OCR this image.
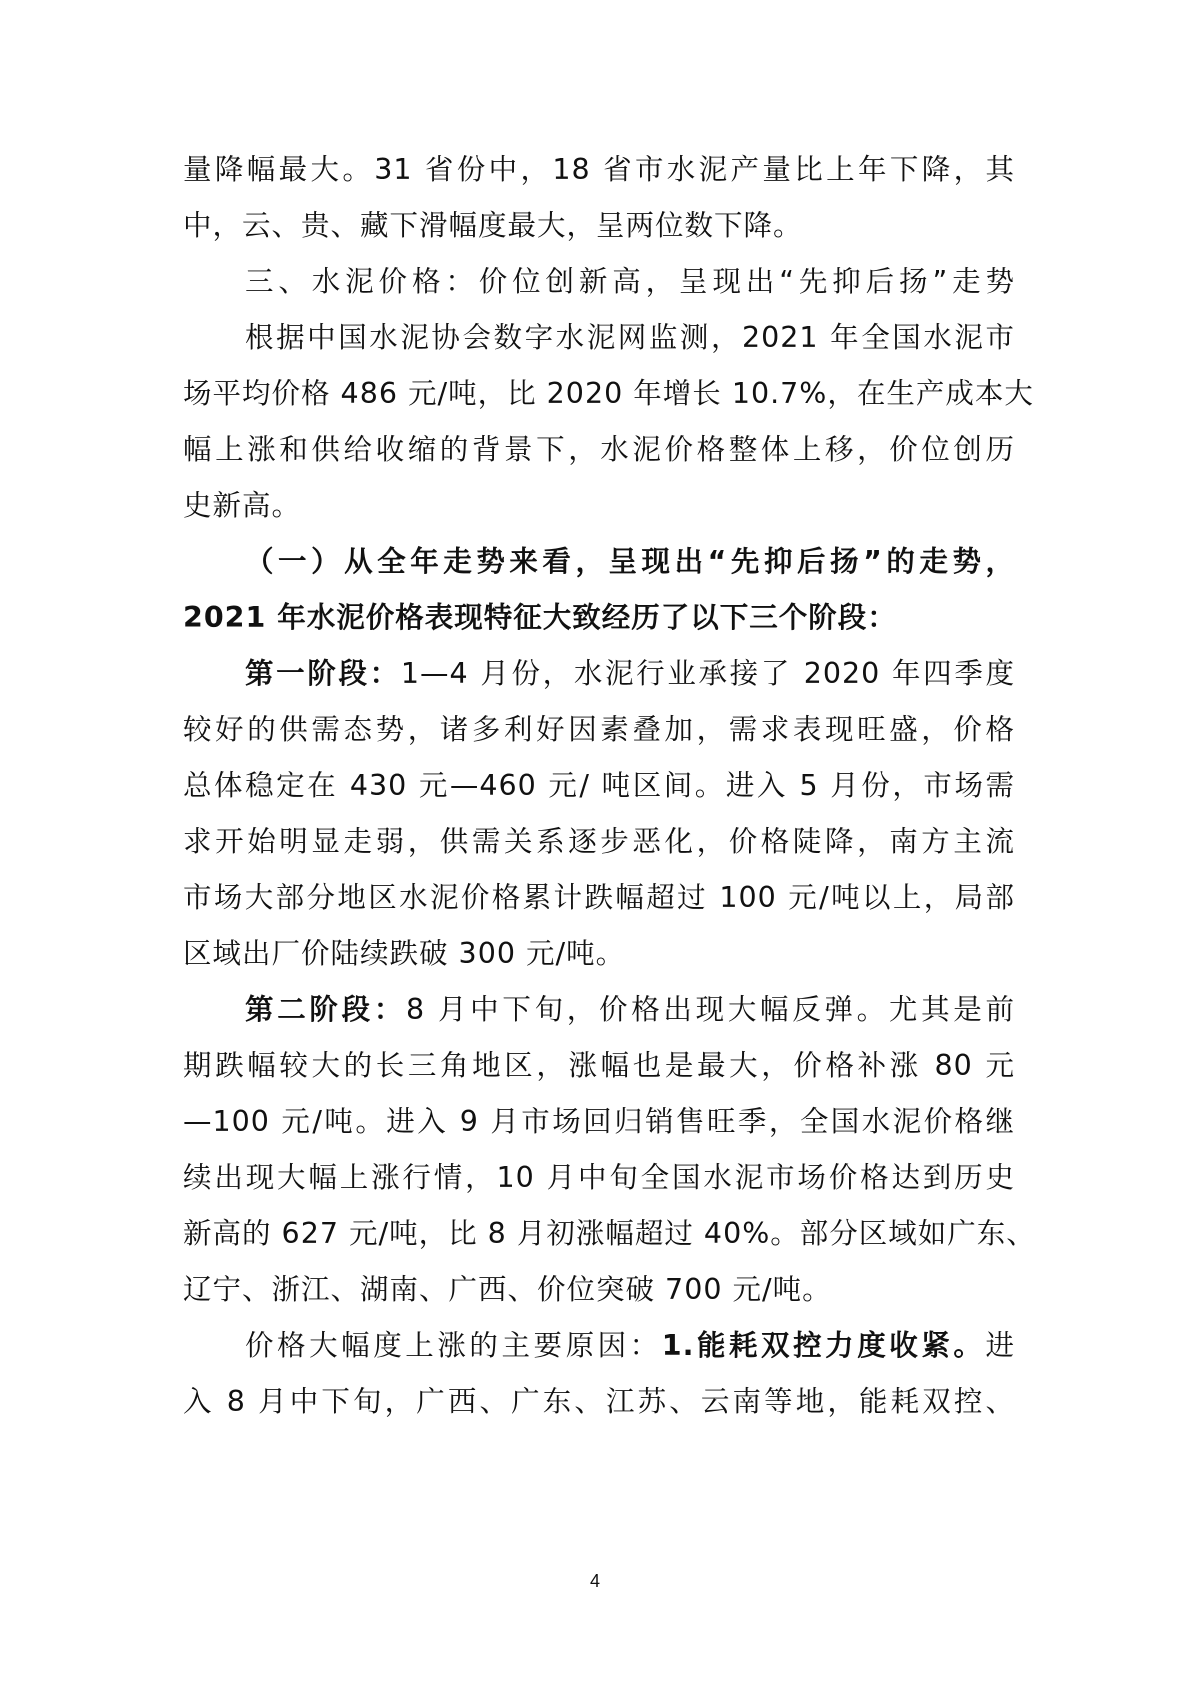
量降幅最大。31 省份中，18 省市水泥产量比上年下降，其
中，云、贵、藏下滑幅度最大，呈两位数下降。
三、水泥价格：价位创新高，呈现出“先抑后扬”走势
根据中国水泥协会数字水泥网监测，2021 年全国水泥市
场平均价格 486 元/吨，比 2020 年增长 10.7%，在生产成本大
幅上涨和供给收缩的背景下，水泥价格整体上移，价位创历
史新高。
（一）从全年走势来看，呈现出“先抑后扬”的走势，
2021 年水泥价格表现特征大致经历了以下三个阶段：
第一阶段：1—4 月份，水泥行业承接了 2020 年四季度
较好的供需态势，诸多利好因素叠加，需求表现旺盛，价格
总体稳定在 430 元—460 元/ 吨区间。进入 5 月份，市场需
求开始明显走弱，供需关系逐步恶化，价格陡降，南方主流
市场大部分地区水泥价格累计跌幅超过 100 元/吨以上，局部
区域出厂价陆续跌破 300 元/吨。
第二阶段：8 月中下旬，价格出现大幅反弹。尤其是前
期跌幅较大的长三角地区，涨幅也是最大，价格补涨 80 元
—100 元/吨。进入 9 月市场回归销售旺季，全国水泥价格继
续出现大幅上涨行情，10 月中旬全国水泥市场价格达到历史
新高的 627 元/吨，比 8 月初涨幅超过 40%。部分区域如广东、
辽宁、浙江、湖南、广西、价位突破 700 元/吨。
价格大幅度上涨的主要原因：1.能耗双控力度收紧。进
入 8 月中下旬，广西、广东、江苏、云南等地，能耗双控、
4
